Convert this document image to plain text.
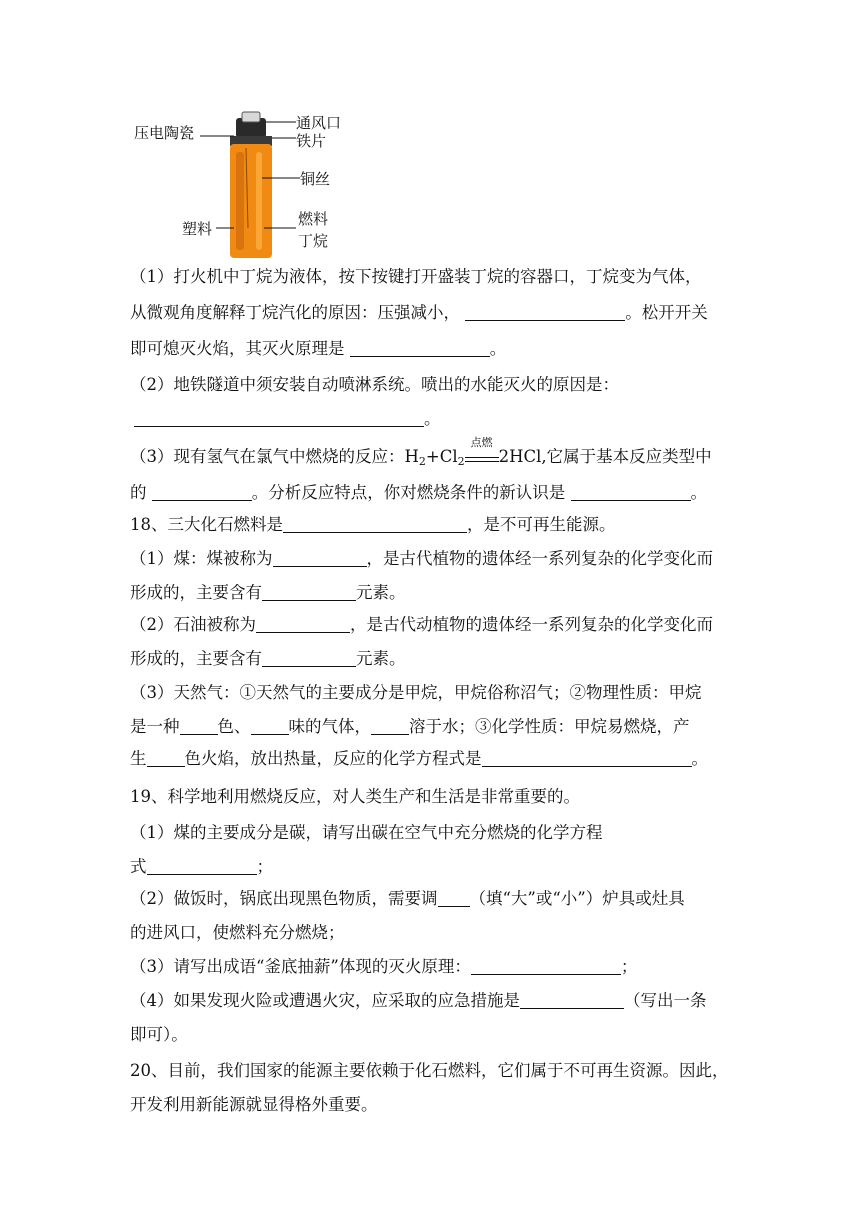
压电陶瓷
通风口
铁片
铜丝
塑料
燃料
丁烷
（1）打火机中丁烷为液体，按下按键打开盛装丁烷的容器口，丁烷变为气体，
从微观角度解释丁烷汽化的原因：压强减小，	。松开开关
即可熄灭火焰，其灭火原理是	。
（2）地铁隧道中须安装自动喷淋系统。喷出的水能灭火的原因是：
。
（3）现有氢气在氯气中燃烧的反应：$H_2+Cl_2$
点燃
2HCl,它属于基本反应类型中
的	。分析反应特点，你对燃烧条件的新认识是	。
18、三大化石燃料是	，是不可再生能源。
（1）煤：煤被称为	，是古代植物的遗体经一系列复杂的化学变化而
形成的，主要含有	元素。
（2）石油被称为	，是古代动植物的遗体经一系列复杂的化学变化而
形成的，主要含有	元素。
（3）天然气：①天然气的主要成分是甲烷，甲烷俗称沼气；②物理性质：甲烷
是一种 色、 味的气体， 溶于水；③化学性质：甲烷易燃烧，产
生 色火焰，放出热量，反应的化学方程式是	。
19、科学地利用燃烧反应，对人类生产和生活是非常重要的。
（1）煤的主要成分是碳，请写出碳在空气中充分燃烧的化学方程
式	；
（2）做饭时，锅底出现黑色物质，需要调 （填“大”或“小”）炉具或灶具
的进风口，使燃料充分燃烧；
（3）请写出成语“釜底抽薪”体现的灭火原理：	；
（4）如果发现火险或遭遇火灾，应采取的应急措施是	（写出一条
即可）。
20、目前，我们国家的能源主要依赖于化石燃料，它们属于不可再生资源。因此，
开发利用新能源就显得格外重要。
